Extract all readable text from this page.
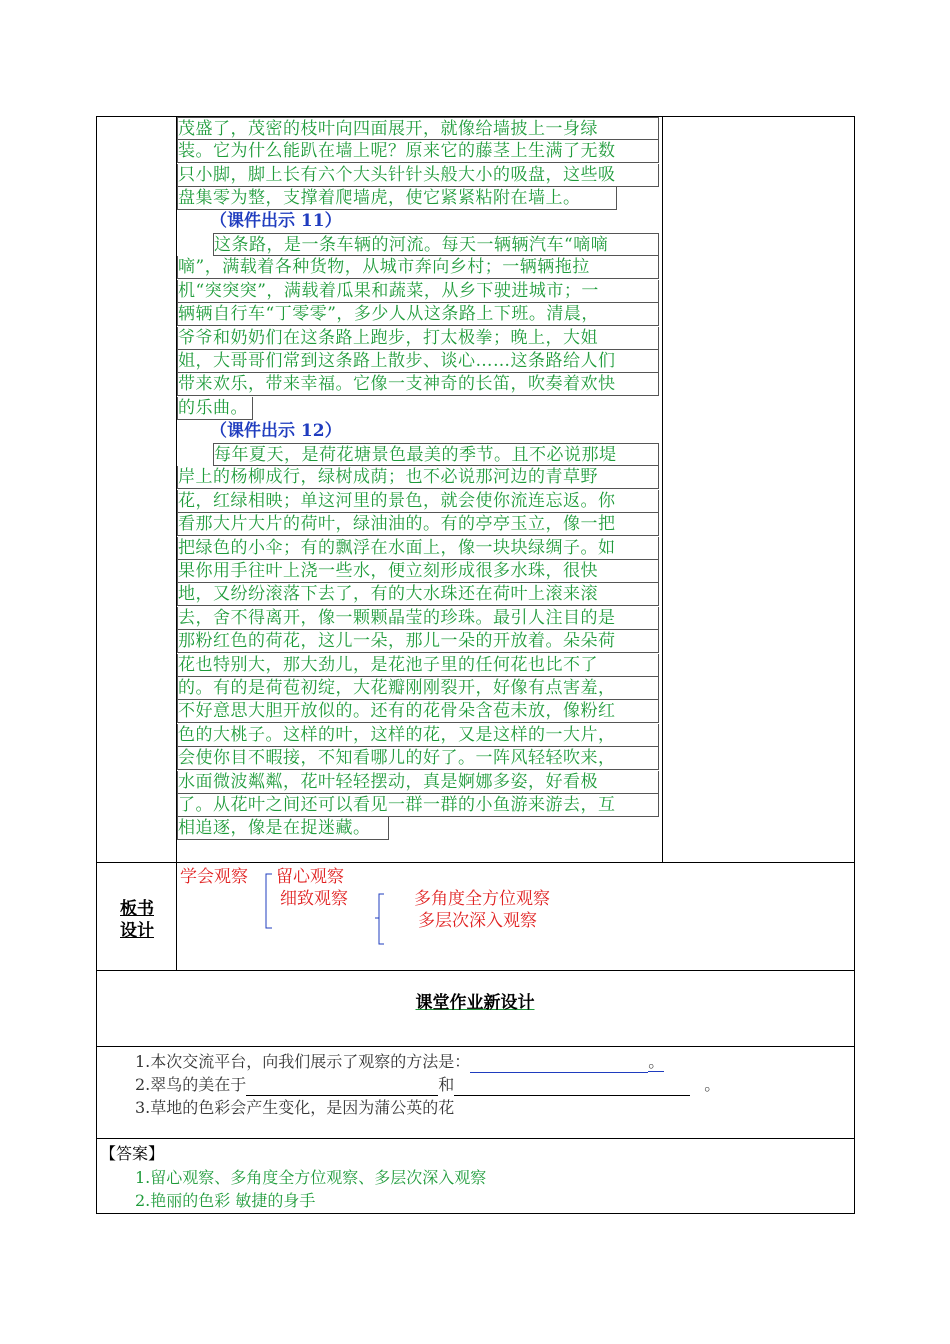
茂盛了，茂密的枝叶向四面展开，就像给墙披上一身绿
装。它为什么能趴在墙上呢？原来它的藤茎上生满了无数
只小脚，脚上长有六个大头针针头般大小的吸盘，这些吸
盘集零为整，支撑着爬墙虎，使它紧紧粘附在墙上。
（课件出示 11）
这条路，是一条车辆的河流。每天一辆辆汽车“嘀嘀
嘀”，满载着各种货物，从城市奔向乡村；一辆辆拖拉
机“突突突”，满载着瓜果和蔬菜，从乡下驶进城市；一
辆辆自行车“丁零零”，多少人从这条路上下班。清晨，
爷爷和奶奶们在这条路上跑步，打太极拳；晚上，大姐
姐，大哥哥们常到这条路上散步、谈心……这条路给人们
带来欢乐，带来幸福。它像一支神奇的长笛，吹奏着欢快
的乐曲。
（课件出示 12）
每年夏天，是荷花塘景色最美的季节。且不必说那堤
岸上的杨柳成行，绿树成荫；也不必说那河边的青草野
花，红绿相映；单这河里的景色，就会使你流连忘返。你
看那大片大片的荷叶，绿油油的。有的亭亭玉立，像一把
把绿色的小伞；有的飘浮在水面上，像一块块绿绸子。如
果你用手往叶上浇一些水，便立刻形成很多水珠，很快
地，又纷纷滚落下去了，有的大水珠还在荷叶上滚来滚
去，舍不得离开，像一颗颗晶莹的珍珠。最引人注目的是
那粉红色的荷花，这儿一朵，那儿一朵的开放着。朵朵荷
花也特别大，那大劲儿，是花池子里的任何花也比不了
的。有的是荷苞初绽，大花瓣刚刚裂开，好像有点害羞，
不好意思大胆开放似的。还有的花骨朵含苞未放，像粉红
色的大桃子。这样的叶，这样的花，又是这样的一大片，
会使你目不暇接，不知看哪儿的好了。一阵风轻轻吹来，
水面微波粼粼，花叶轻轻摆动，真是婀娜多姿，好看极
了。从花叶之间还可以看见一群一群的小鱼游来游去，互
相追逐，像是在捉迷藏。
板书
设计
学会观察 留心观察
细致观察	多角度全方位观察
多层次深入观察
课堂作业新设计
1.本次交流平台，向我们展示了观察的方法是：	。
2.翠鸟的美在于	和	。
3.草地的色彩会产生变化，是因为蒲公英的花
【答案】
1.留心观察、多角度全方位观察、多层次深入观察
2.艳丽的色彩 敏捷的身手
